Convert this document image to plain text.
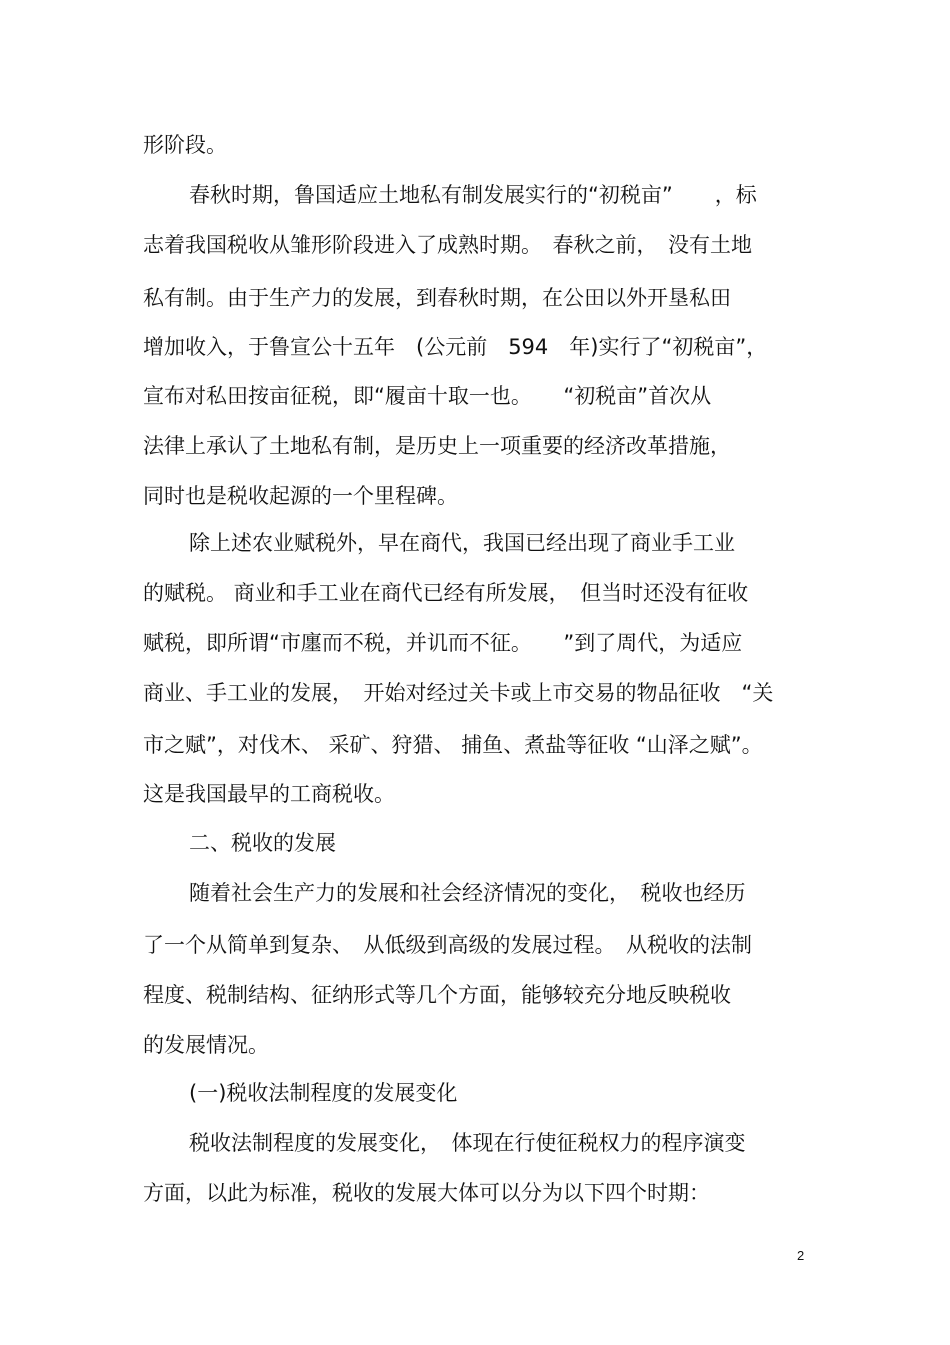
形阶段。
春秋时期，鲁国适应土地私有制发展实行的“初税亩”　　，标
志着我国税收从雏形阶段进入了成熟时期。　春秋之前，　没有土地
私有制。由于生产力的发展，到春秋时期，在公田以外开垦私田
增加收入，于鲁宣公十五年　(公元前　594　年)实行了“初税亩”，
宣布对私田按亩征税，即“履亩十取一也。　　“初税亩”首次从
法律上承认了土地私有制，是历史上一项重要的经济改革措施，
同时也是税收起源的一个里程碑。
除上述农业赋税外，早在商代，我国已经出现了商业手工业
的赋税。 商业和手工业在商代已经有所发展，　但当时还没有征收
赋税，即所谓“市廛而不税，并讥而不征。　　”到了周代，为适应
商业、手工业的发展，　开始对经过关卡或上市交易的物品征收　“关
市之赋”，对伐木、 采矿、狩猎、 捕鱼、煮盐等征收 “山泽之赋”。
这是我国最早的工商税收。
二、税收的发展
随着社会生产力的发展和社会经济情况的变化，　税收也经历
了一个从简单到复杂、　从低级到高级的发展过程。　从税收的法制
程度、税制结构、征纳形式等几个方面，能够较充分地反映税收
的发展情况。
(一)税收法制程度的发展变化
税收法制程度的发展变化，　体现在行使征税权力的程序演变
方面，以此为标准，税收的发展大体可以分为以下四个时期：
2
